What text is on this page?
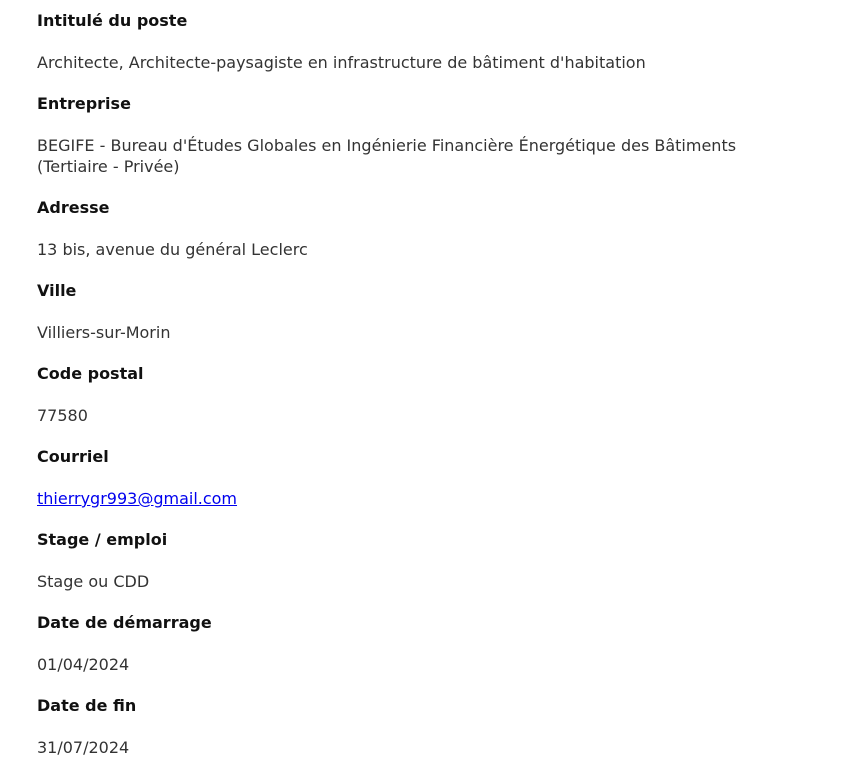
Intitulé du poste
Architecte, Architecte-paysagiste en infrastructure de bâtiment d'habitation
Entreprise
BEGIFE - Bureau d'Études Globales en Ingénierie Financière Énergétique des Bâtiments (Tertiaire - Privée)
Adresse
13 bis, avenue du général Leclerc
Ville
Villiers-sur-Morin
Code postal
77580
Courriel
thierrygr993@gmail.com
Stage / emploi
Stage ou CDD
Date de démarrage
01/04/2024
Date de fin
31/07/2024
